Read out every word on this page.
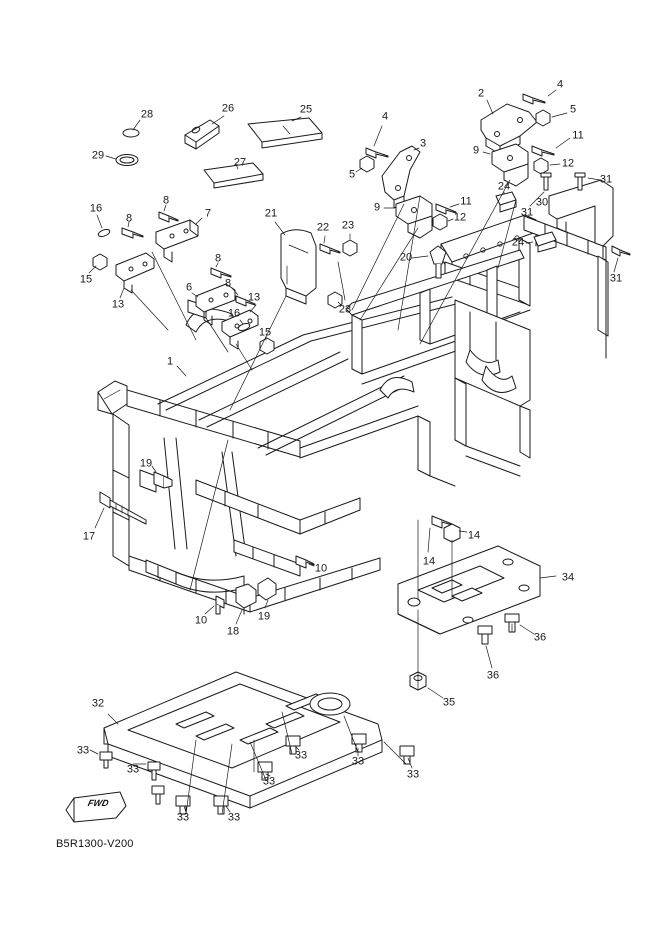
28	26	25
29
27
4
3
5
2
4
5
11
9
12
24
31
31
30
9	11
12
24
31
16
8
8
7
15
13
8
6	8
13
16
15
21
22 23
23
20
1
19
17
10
10
18
19
14
14
34
36
36
35
32
33
33
33	33
33
33	33
33
B5R1300-V200
FWD
